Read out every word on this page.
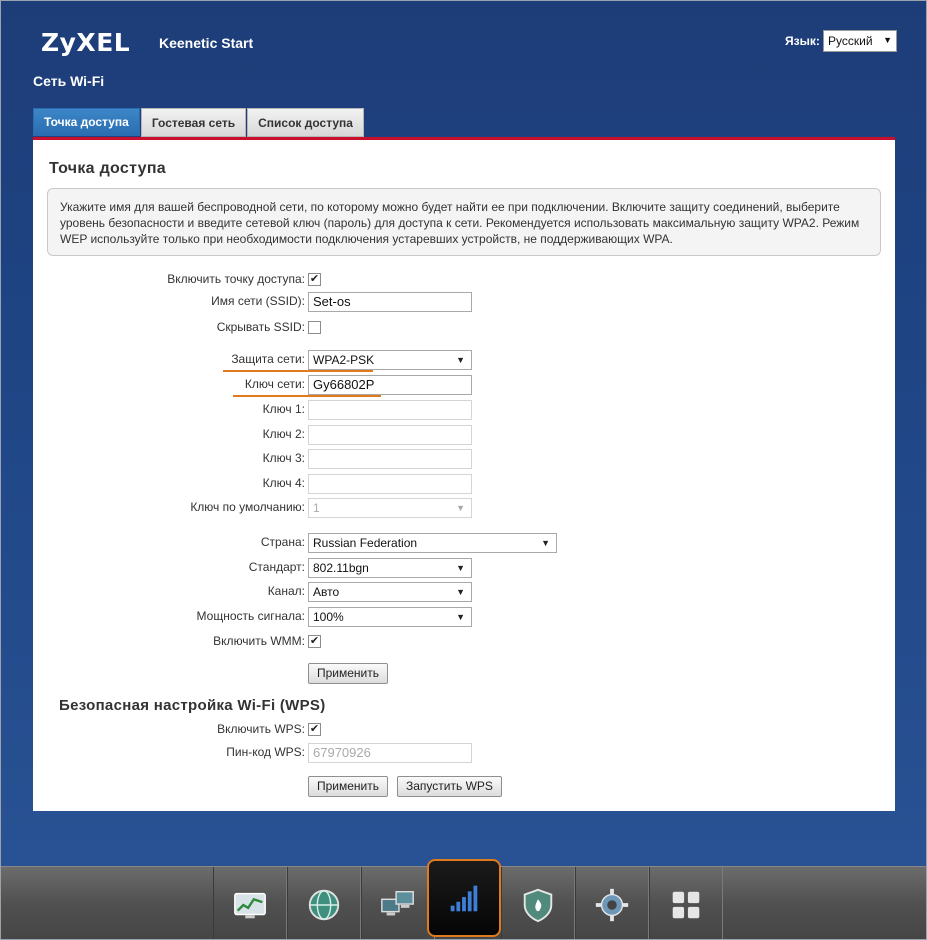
ZyXEL Keenetic Start	Язык: Русский ▼
Сеть Wi-Fi
Точка доступа	Гостевая сеть	Список доступа
Точка доступа
Укажите имя для вашей беспроводной сети, по которому можно будет найти ее при подключении. Включите защиту соединений, выберите уровень безопасности и введите сетевой ключ (пароль) для доступа к сети. Рекомендуется использовать максимальную защиту WPA2. Режим WEP используйте только при необходимости подключения устаревших устройств, не поддерживающих WPA.
Включить точку доступа: ✔
Имя сети (SSID): Set-os
Скрывать SSID:
Защита сети: WPA2-PSK	▼
Ключ сети: Gy66802P
Ключ 1:
Ключ 2:
Ключ 3:
Ключ 4:
Ключ по умолчанию: 1	▼
Страна: Russian Federation	▼
Стандарт: 802.11bgn	▼
Канал: Авто	▼
Мощность сигнала: 100%	▼
Включить WMM: ✔
Применить
Безопасная настройка Wi-Fi (WPS)
Включить WPS: ✔
Пин-код WPS: 67970926
Применить	Запустить WPS
